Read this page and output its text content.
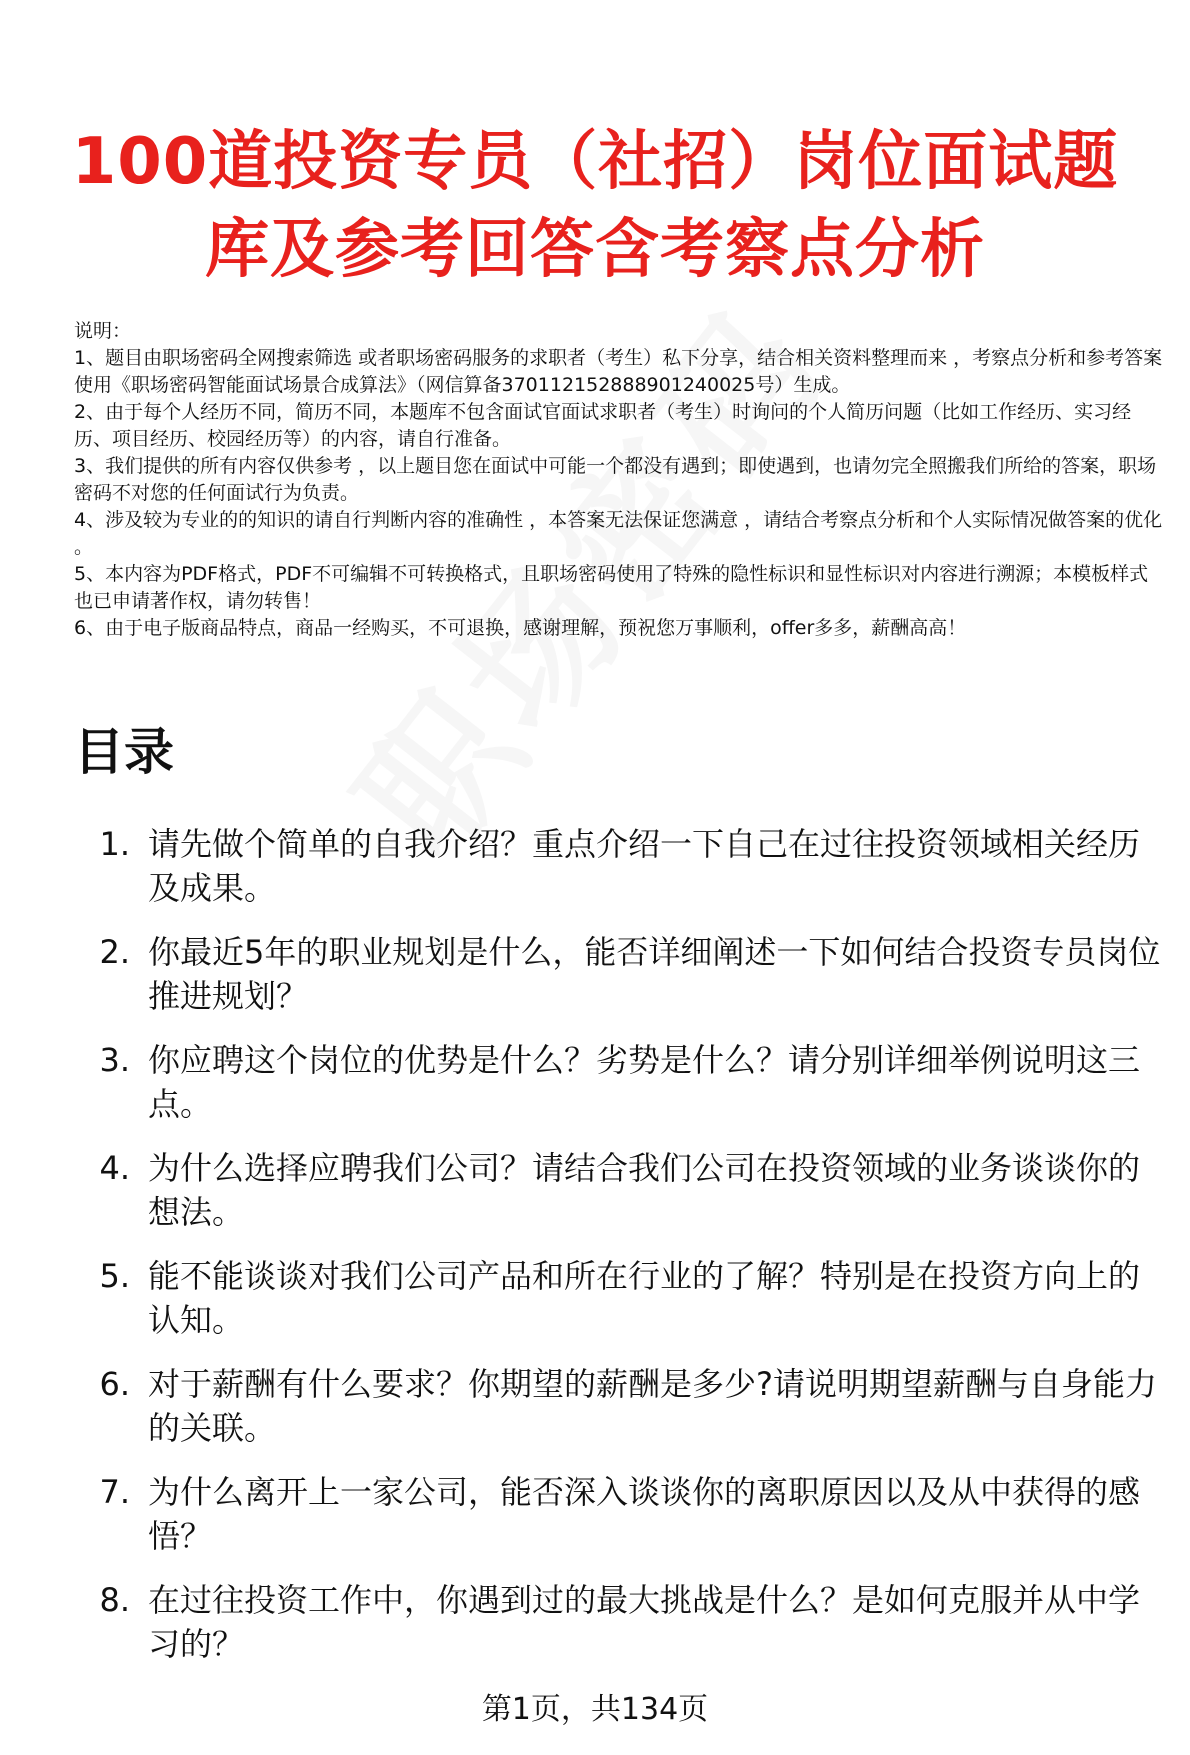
100道投资专员（社招）岗位面试题
库及参考回答含考察点分析

说明：

1、题目由职场密码全网搜索筛选 或者职场密码服务的求职者（考生）私下分享，结合相关资料整理而来 ，考察点分析和参考答案使用《职场密码智能面试场景合成算法》（网信算备370112152888901240025号）生成。

2、由于每个人经历不同，简历不同，本题库不包含面试官面试求职者（考生）时询问的个人简历问题（比如工作经历、实习经历、项目经历、校园经历等）的内容，请自行准备。

3、我们提供的所有内容仅供参考 ，以上题目您在面试中可能一个都没有遇到；即使遇到，也请勿完全照搬我们所给的答案，职场密码不对您的任何面试行为负责。

4、涉及较为专业的的知识的请自行判断内容的准确性 ，本答案无法保证您满意 ，请结合考察点分析和个人实际情况做答案的优化 。

5、本内容为PDF格式，PDF不可编辑不可转换格式，且职场密码使用了特殊的隐性标识和显性标识对内容进行溯源；本模板样式也已申请著作权，请勿转售！

6、由于电子版商品特点，商品一经购买，不可退换，感谢理解，预祝您万事顺利，offer多多，薪酬高高！

目录
1. 请先做个简单的自我介绍？重点介绍一下自己在过往投资领域相关经历及成果。
2. 你最近5年的职业规划是什么，能否详细阐述一下如何结合投资专员岗位推进规划？
3. 你应聘这个岗位的优势是什么？劣势是什么？请分别详细举例说明这三点。
4. 为什么选择应聘我们公司？请结合我们公司在投资领域的业务谈谈你的想法。
5. 能不能谈谈对我们公司产品和所在行业的了解？特别是在投资方向上的认知。
6. 对于薪酬有什么要求？你期望的薪酬是多少?请说明期望薪酬与自身能力的关联。
7. 为什么离开上一家公司，能否深入谈谈你的离职原因以及从中获得的感悟？
8. 在过往投资工作中，你遇到过的最大挑战是什么？是如何克服并从中学习的？
第1页，共134页
